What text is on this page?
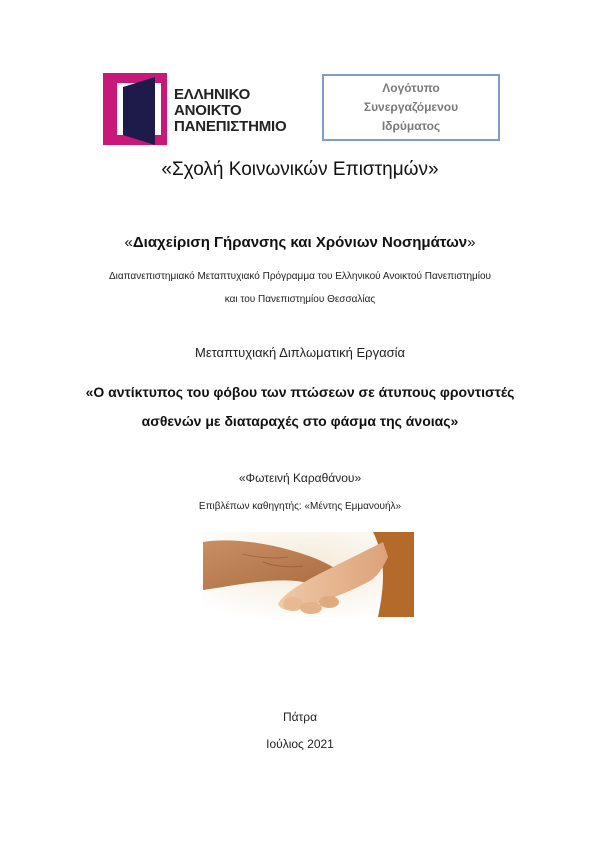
ΕΛΛΗΝΙΚΟ
ΑΝΟΙΚΤΟ
ΠΑΝΕΠΙΣΤΗΜΙΟ
Λογότυπο
Συνεργαζόμενου
Ιδρύματος
«Σχολή Κοινωνικών Επιστημών»
«Διαχείριση Γήρανσης και Χρόνιων Νοσημάτων»
Διαπανεπιστημιακό Μεταπτυχιακό Πρόγραμμα του Ελληνικού Ανοικτού Πανεπιστημίου
και του Πανεπιστημίου Θεσσαλίας
Μεταπτυχιακή Διπλωματική Εργασία
«Ο αντίκτυπος του φόβου των πτώσεων σε άτυπους φροντιστές
ασθενών με διαταραχές στο φάσμα της άνοιας»
«Φωτεινή Καραθάνου»
Επιβλέπων καθηγητής: «Μέντης Εμμανουήλ»
Πάτρα
Ιούλιος 2021
